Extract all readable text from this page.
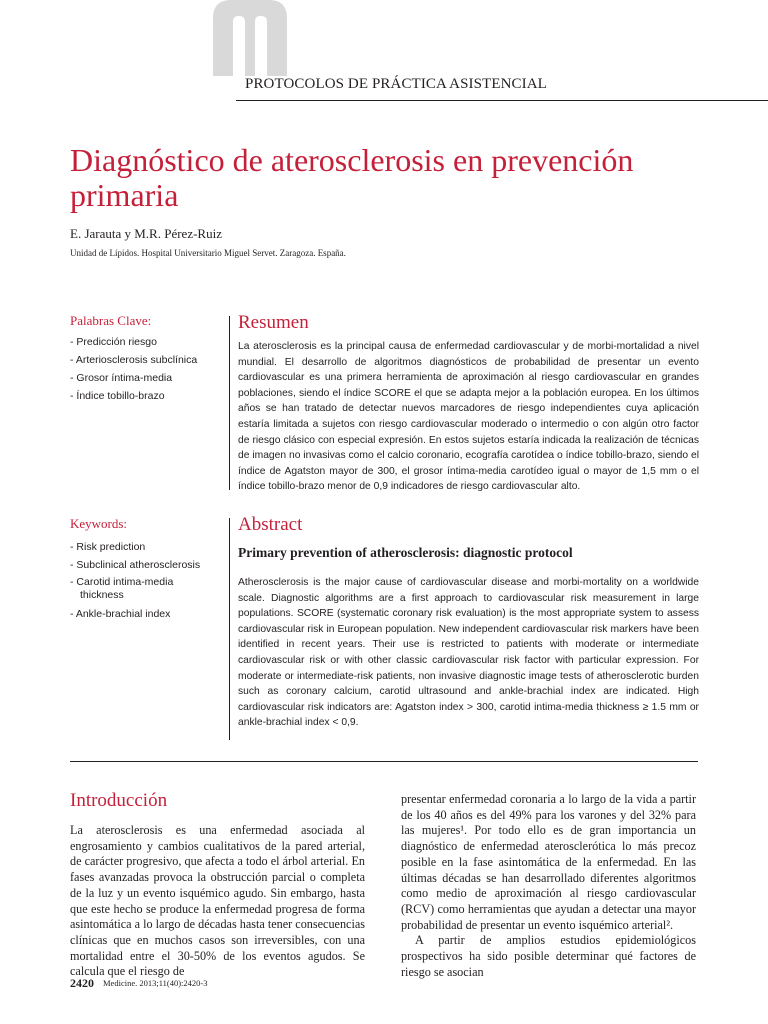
PROTOCOLOS DE PRÁCTICA ASISTENCIAL
Diagnóstico de aterosclerosis en prevención primaria
E. Jarauta y M.R. Pérez-Ruiz
Unidad de Lípidos. Hospital Universitario Miguel Servet. Zaragoza. España.
Palabras Clave:
- Predicción riesgo
- Arteriosclerosis subclínica
- Grosor íntima-media
- Índice tobillo-brazo
Resumen
La aterosclerosis es la principal causa de enfermedad cardiovascular y de morbi-mortalidad a nivel mundial. El desarrollo de algoritmos diagnósticos de probabilidad de presentar un evento cardiovascular es una primera herramienta de aproximación al riesgo cardiovascular en grandes poblaciones, siendo el índice SCORE el que se adapta mejor a la población europea. En los últimos años se han tratado de detectar nuevos marcadores de riesgo independientes cuya aplicación estaría limitada a sujetos con riesgo cardiovascular moderado o intermedio o con algún otro factor de riesgo clásico con especial expresión. En estos sujetos estaría indicada la realización de técnicas de imagen no invasivas como el calcio coronario, ecografía carotídea o índice tobillo-brazo, siendo el índice de Agatston mayor de 300, el grosor íntima-media carotídeo igual o mayor de 1,5 mm o el índice tobillo-brazo menor de 0,9 indicadores de riesgo cardiovascular alto.
Keywords:
- Risk prediction
- Subclinical atherosclerosis
- Carotid intima-media thickness
- Ankle-brachial index
Abstract
Primary prevention of atherosclerosis: diagnostic protocol
Atherosclerosis is the major cause of cardiovascular disease and morbi-mortality on a worldwide scale. Diagnostic algorithms are a first approach to cardiovascular risk measurement in large populations. SCORE (systematic coronary risk evaluation) is the most appropriate system to assess cardiovascular risk in European population. New independent cardiovascular risk markers have been identified in recent years. Their use is restricted to patients with moderate or intermediate cardiovascular risk or with other classic cardiovascular risk factor with particular expression. For moderate or intermediate-risk patients, non invasive diagnostic image tests of atherosclerotic burden such as coronary calcium, carotid ultrasound and ankle-brachial index are indicated. High cardiovascular risk indicators are: Agatston index > 300, carotid intima-media thickness ≥ 1.5 mm or ankle-brachial index < 0,9.
Introducción

La aterosclerosis es una enfermedad asociada al engrosamiento y cambios cualitativos de la pared arterial, de carácter progresivo, que afecta a todo el árbol arterial. En fases avanzadas provoca la obstrucción parcial o completa de la luz y un evento isquémico agudo. Sin embargo, hasta que este hecho se produce la enfermedad progresa de forma asintomática a lo largo de décadas hasta tener consecuencias clínicas que en muchos casos son irreversibles, con una mortalidad entre el 30-50% de los eventos agudos. Se calcula que el riesgo de

presentar enfermedad coronaria a lo largo de la vida a partir de los 40 años es del 49% para los varones y del 32% para las mujeres¹. Por todo ello es de gran importancia un diagnóstico de enfermedad aterosclerótica lo más precoz posible en la fase asintomática de la enfermedad. En las últimas décadas se han desarrollado diferentes algoritmos como medio de aproximación al riesgo cardiovascular (RCV) como herramientas que ayudan a detectar una mayor probabilidad de presentar un evento isquémico arterial².

A partir de amplios estudios epidemiológicos prospectivos ha sido posible determinar qué factores de riesgo se asocian

2420 Medicine. 2013;11(40):2420-3
